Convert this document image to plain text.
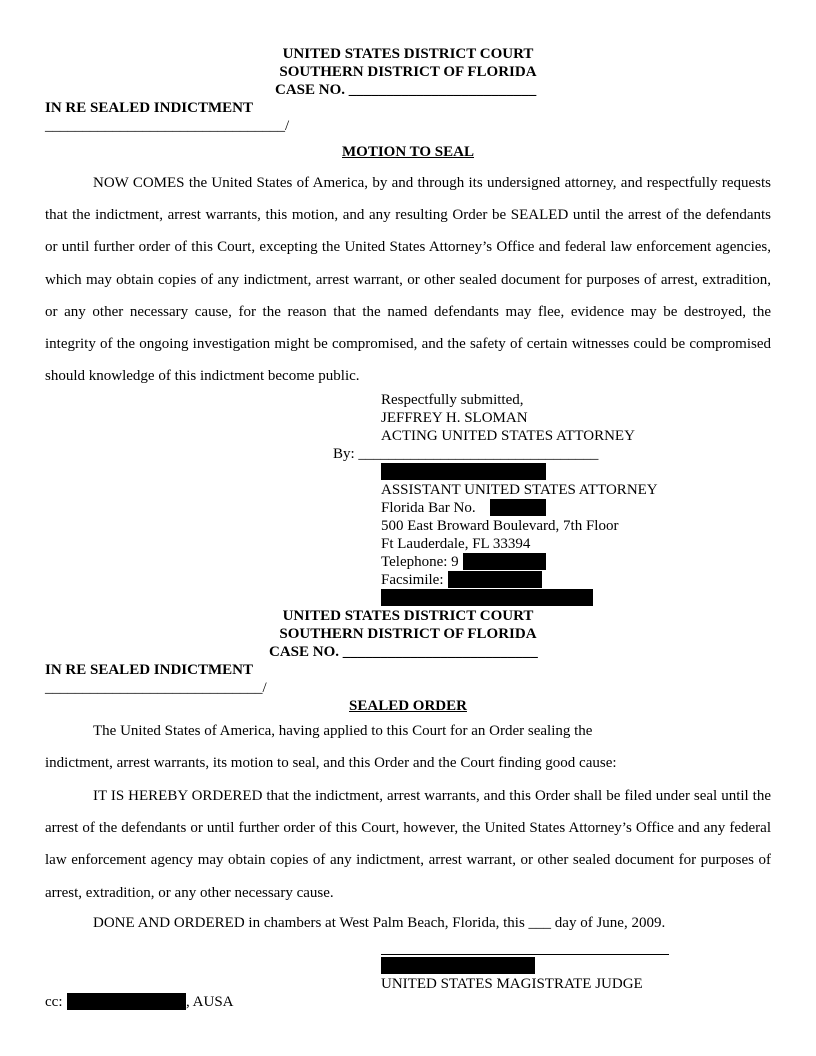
UNITED STATES DISTRICT COURT
SOUTHERN DISTRICT OF FLORIDA
CASE NO. _________________________
IN RE SEALED INDICTMENT
________________________________/
MOTION TO SEAL
NOW COMES the United States of America, by and through its undersigned attorney, and respectfully requests that the indictment, arrest warrants, this motion, and any resulting Order be SEALED until the arrest of the defendants or until further order of this Court, excepting the United States Attorney’s Office and federal law enforcement agencies, which may obtain copies of any indictment, arrest warrant, or other sealed document for purposes of arrest, extradition, or any other necessary cause, for the reason that the named defendants may flee, evidence may be destroyed, the integrity of the ongoing investigation might be compromised, and the safety of certain witnesses could be compromised should knowledge of this indictment become public.
Respectfully submitted,
JEFFREY H. SLOMAN
ACTING UNITED STATES ATTORNEY
By: ________________________________
ASSISTANT UNITED STATES ATTORNEY
Florida Bar No.
500 East Broward Boulevard, 7th Floor
Ft Lauderdale, FL 33394
Telephone: 9
Facsimile:
UNITED STATES DISTRICT COURT
SOUTHERN DISTRICT OF FLORIDA
CASE NO. __________________________
IN RE SEALED INDICTMENT
_____________________________/
SEALED ORDER
The United States of America, having applied to this Court for an Order sealing the
indictment, arrest warrants, its motion to seal, and this Order and the Court finding good cause:
IT IS HEREBY ORDERED that the indictment, arrest warrants, and this Order shall be filed under seal until the arrest of the defendants or until further order of this Court, however, the United States Attorney’s Office and any federal law enforcement agency may obtain copies of any indictment, arrest warrant, or other sealed document for purposes of arrest, extradition, or any other necessary cause.
DONE AND ORDERED in chambers at West Palm Beach, Florida, this ___ day of June, 2009.
UNITED STATES MAGISTRATE JUDGE
cc:	, AUSA
